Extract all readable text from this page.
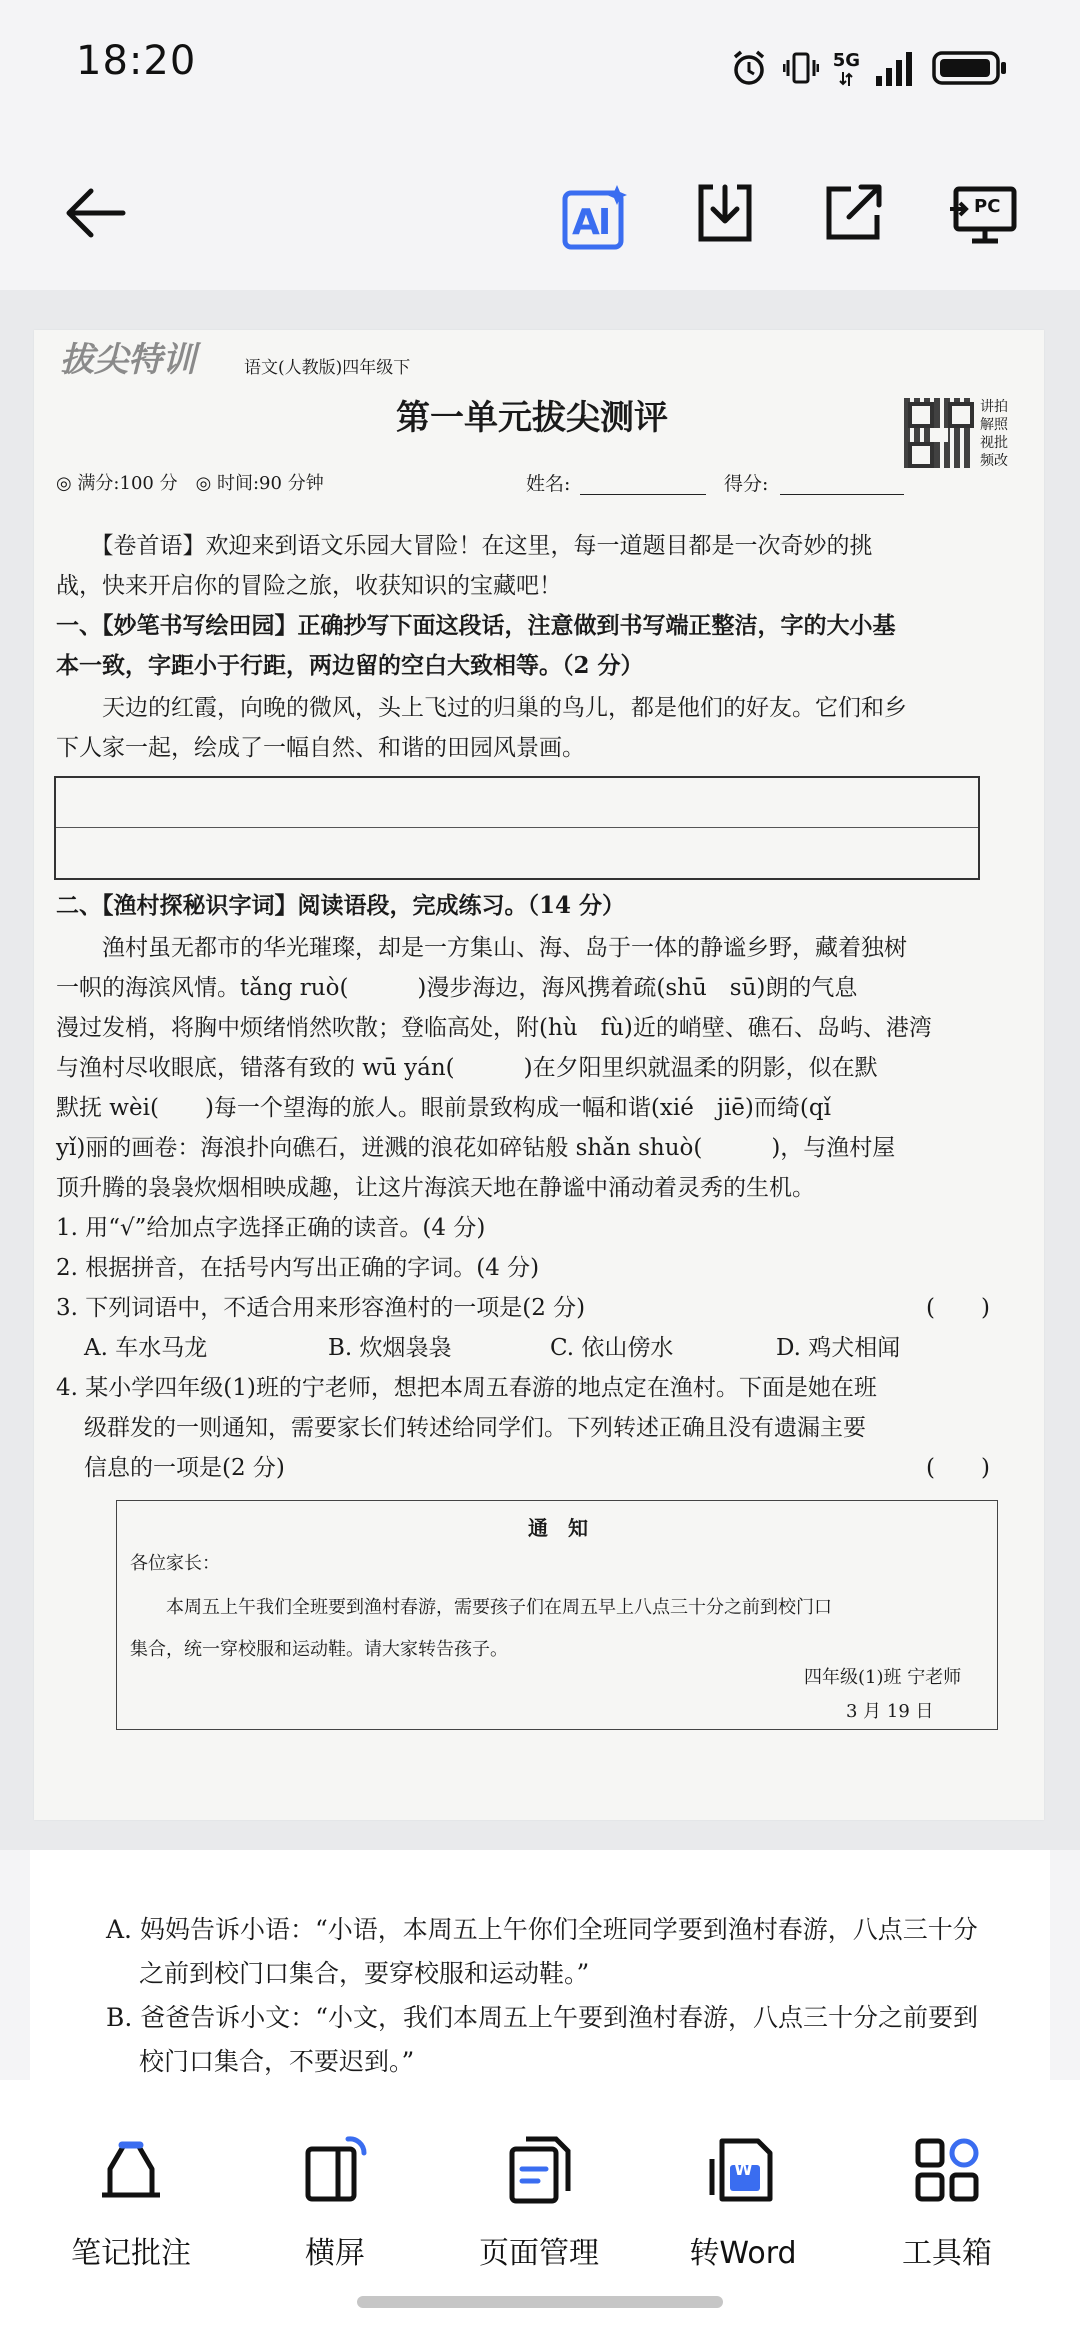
18:20	5G
AI	PC
拔尖特训	语文(人教版)四年级下
第一单元拔尖测评	讲拍
解照
视批
频改
◎ 满分:100 分　◎ 时间:90 分钟	姓名:	得分:
　　【卷首语】欢迎来到语文乐园大冒险！在这里，每一道题目都是一次奇妙的挑
战，快来开启你的冒险之旅，收获知识的宝藏吧！
一、【妙笔书写绘田园】正确抄写下面这段话，注意做到书写端正整洁，字的大小基
本一致，字距小于行距，两边留的空白大致相等。（2 分）
　　天边的红霞，向晚的微风，头上飞过的归巢的鸟儿，都是他们的好友。它们和乡
下人家一起，绘成了一幅自然、和谐的田园风景画。
二、【渔村探秘识字词】阅读语段，完成练习。（14 分）
　　渔村虽无都市的华光璀璨，却是一方集山、海、岛于一体的静谧乡野，藏着独树
一帜的海滨风情。tǎng ruò(　　　)漫步海边，海风携着疏(shū　sū)朗的气息
漫过发梢，将胸中烦绪悄然吹散；登临高处，附(hù　fù)近的峭壁、礁石、岛屿、港湾
与渔村尽收眼底，错落有致的 wū yán(　　　)在夕阳里织就温柔的阴影，似在默
默抚 wèi(　　)每一个望海的旅人。眼前景致构成一幅和谐(xié　jiē)而绮(qǐ
yǐ)丽的画卷：海浪扑向礁石，迸溅的浪花如碎钻般 shǎn shuò(　　　)，与渔村屋
顶升腾的袅袅炊烟相映成趣，让这片海滨天地在静谧中涌动着灵秀的生机。
1. 用“√”给加点字选择正确的读音。(4 分)
2. 根据拼音，在括号内写出正确的字词。(4 分)
3. 下列词语中，不适合用来形容渔村的一项是(2 分)	(　　)
A. 车水马龙	B. 炊烟袅袅	C. 依山傍水	D. 鸡犬相闻
4. 某小学四年级(1)班的宁老师，想把本周五春游的地点定在渔村。下面是她在班
级群发的一则通知，需要家长们转述给同学们。下列转述正确且没有遗漏主要
信息的一项是(2 分)	(　　)
通　知
各位家长：
　　本周五上午我们全班要到渔村春游，需要孩子们在周五早上八点三十分之前到校门口
集合，统一穿校服和运动鞋。请大家转告孩子。
四年级(1)班 宁老师
3 月 19 日
A. 妈妈告诉小语：“小语，本周五上午你们全班同学要到渔村春游，八点三十分
　 之前到校门口集合，要穿校服和运动鞋。”
B. 爸爸告诉小文：“小文，我们本周五上午要到渔村春游，八点三十分之前要到
　 校门口集合，不要迟到。”
笔记批注	横屏	页面管理
W
转Word	工具箱
